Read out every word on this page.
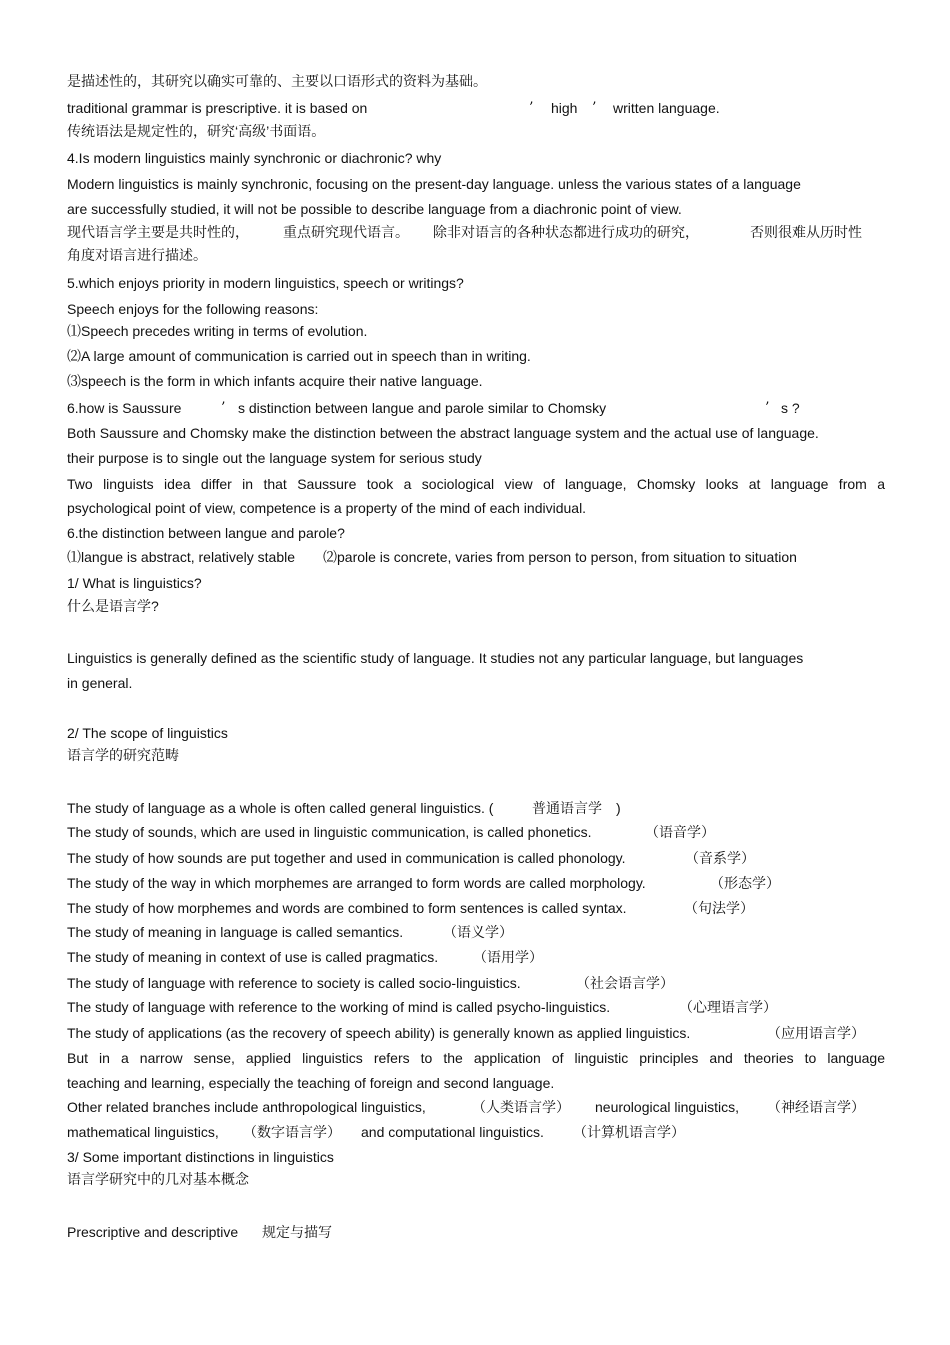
是描述性的，其研究以确实可靠的、主要以口语形式的资料为基础。
traditional grammar is prescriptive. it is based on	’ high ’ written language.
传统语法是规定性的，研究‘高级’书面语。
4.Is modern linguistics mainly synchronic or diachronic? why
Modern linguistics is mainly synchronic, focusing on the present-day language. unless the various states of a language
are successfully studied, it will not be possible to describe language from a diachronic point of view.
现代语言学主要是共时性的， 重点研究现代语言。 除非对语言的各种状态都进行成功的研究，	否则很难从历时性
角度对语言进行描述。
5.which enjoys priority in modern linguistics, speech or writings?
Speech enjoys for the following reasons:
⑴Speech precedes writing in terms of evolution.
⑵A large amount of communication is carried out in speech than in writing.
⑶speech is the form in which infants acquire their native language.
6.how is Saussure	’ s distinction between langue and parole similar to Chomsky	’ s ?
Both Saussure and Chomsky make the distinction between the abstract language system and the actual use of language.
their purpose is to single out the language system for serious study
Two linguists idea differ in that Saussure took a sociological view of language, Chomsky looks at language from a
psychological point of view, competence is a property of the mind of each individual.
6.the distinction between langue and parole?
⑴langue is abstract, relatively stable ⑵parole is concrete, varies from person to person, from situation to situation
1/ What is linguistics?
什么是语言学?
Linguistics is generally defined as the scientific study of language. It studies not any particular language, but languages
in general.
2/ The scope of linguistics
语言学的研究范畴
The study of language as a whole is often called general linguistics. (	普通语言学 )
The study of sounds, which are used in linguistic communication, is called phonetics.	（语音学）
The study of how sounds are put together and used in communication is called phonology.	（音系学）
The study of the way in which morphemes are arranged to form words are called morphology.	（形态学）
The study of how morphemes and words are combined to form sentences is called syntax.	（句法学）
The study of meaning in language is called semantics.	（语义学）
The study of meaning in context of use is called pragmatics. （语用学）
The study of language with reference to society is called socio-linguistics.	（社会语言学）
The study of language with reference to the working of mind is called psycho-linguistics.	（心理语言学）
The study of applications (as the recovery of speech ability) is generally known as applied linguistics.	（应用语言学）
But in a narrow sense, applied linguistics refers to the application of linguistic principles and theories to language
teaching and learning, especially the teaching of foreign and second language.
Other related branches include anthropological linguistics,	（人类语言学） neurological linguistics, （神经语言学）
mathematical linguistics, （数字语言学） and computational linguistics. （计算机语言学）
3/ Some important distinctions in linguistics
语言学研究中的几对基本概念
Prescriptive and descriptive 规定与描写
